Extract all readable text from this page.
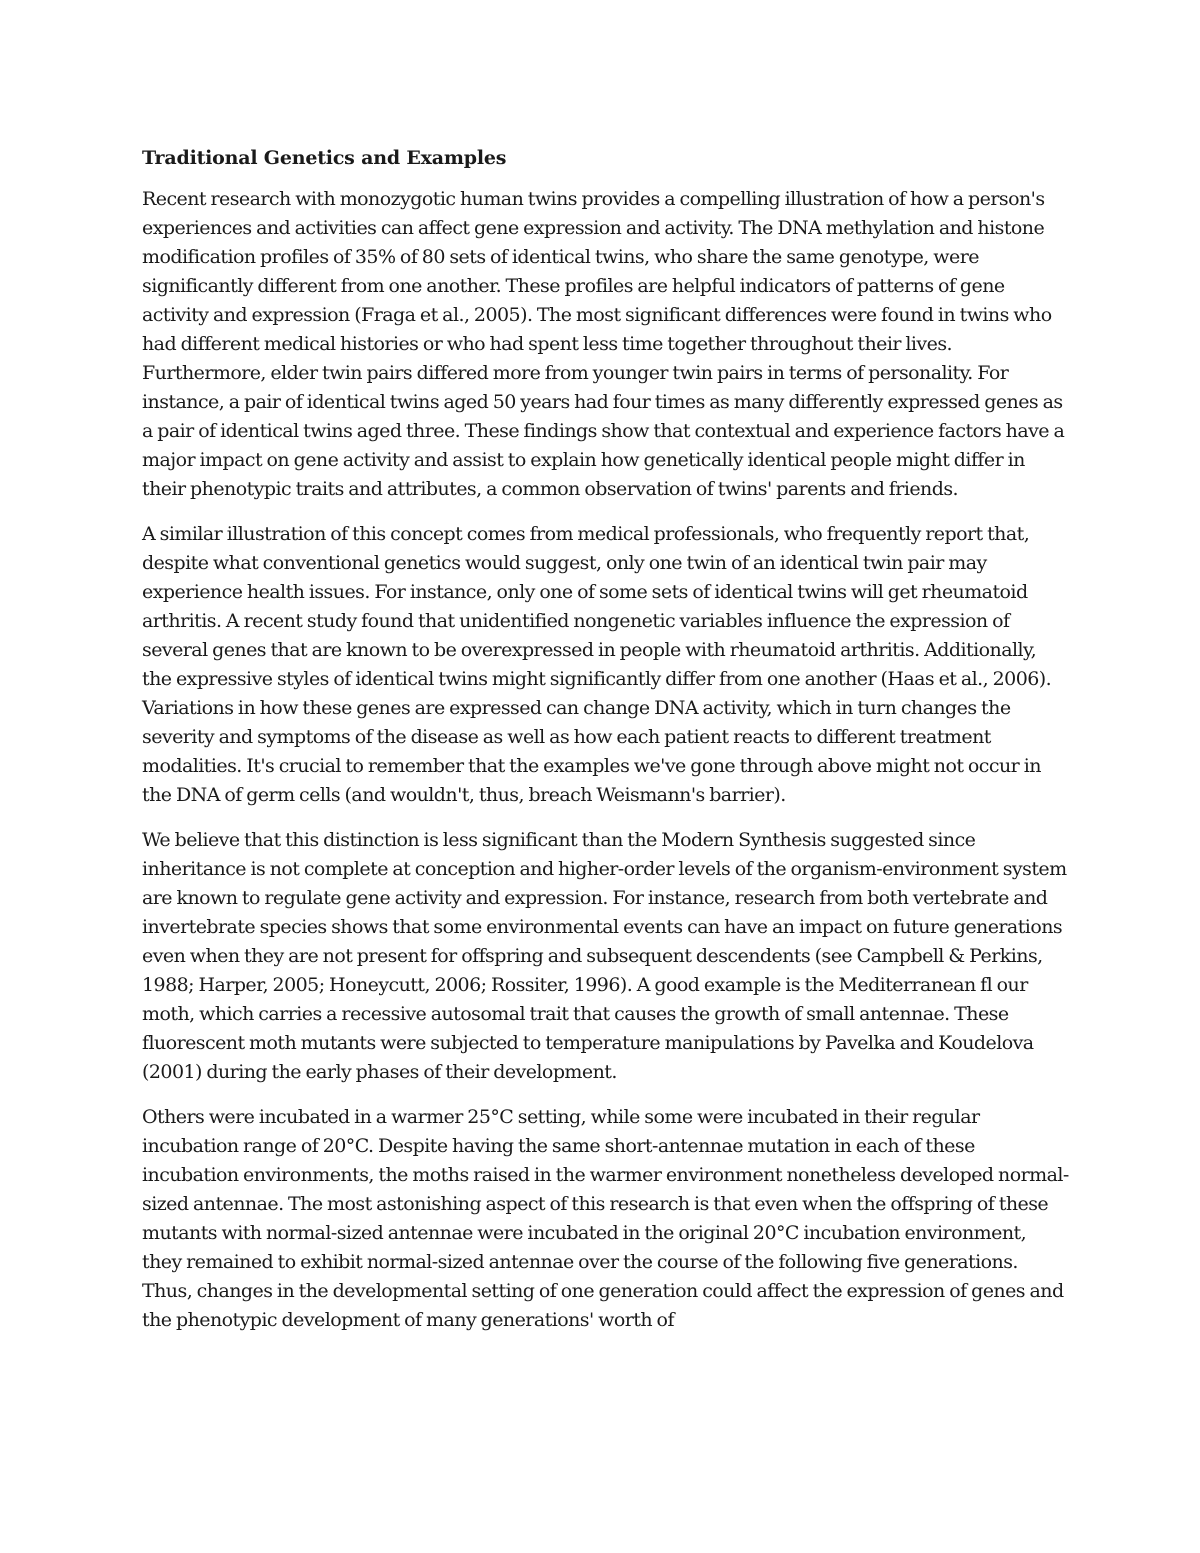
Traditional Genetics and Examples

Recent research with monozygotic human twins provides a compelling illustration of how a person's experiences and activities can affect gene expression and activity. The DNA methylation and histone modification profiles of 35% of 80 sets of identical twins, who share the same genotype, were significantly different from one another. These profiles are helpful indicators of patterns of gene activity and expression (Fraga et al., 2005). The most significant differences were found in twins who had different medical histories or who had spent less time together throughout their lives. Furthermore, elder twin pairs differed more from younger twin pairs in terms of personality. For instance, a pair of identical twins aged 50 years had four times as many differently expressed genes as a pair of identical twins aged three. These findings show that contextual and experience factors have a major impact on gene activity and assist to explain how genetically identical people might differ in their phenotypic traits and attributes, a common observation of twins' parents and friends.

A similar illustration of this concept comes from medical professionals, who frequently report that, despite what conventional genetics would suggest, only one twin of an identical twin pair may experience health issues. For instance, only one of some sets of identical twins will get rheumatoid arthritis. A recent study found that unidentified nongenetic variables influence the expression of several genes that are known to be overexpressed in people with rheumatoid arthritis. Additionally, the expressive styles of identical twins might significantly differ from one another (Haas et al., 2006). Variations in how these genes are expressed can change DNA activity, which in turn changes the severity and symptoms of the disease as well as how each patient reacts to different treatment modalities. It's crucial to remember that the examples we've gone through above might not occur in the DNA of germ cells (and wouldn't, thus, breach Weismann's barrier).

We believe that this distinction is less significant than the Modern Synthesis suggested since inheritance is not complete at conception and higher-order levels of the organism-environment system are known to regulate gene activity and expression. For instance, research from both vertebrate and invertebrate species shows that some environmental events can have an impact on future generations even when they are not present for offspring and subsequent descendents (see Campbell & Perkins, 1988; Harper, 2005; Honeycutt, 2006; Rossiter, 1996). A good example is the Mediterranean fl our moth, which carries a recessive autosomal trait that causes the growth of small antennae. These fluorescent moth mutants were subjected to temperature manipulations by Pavelka and Koudelova (2001) during the early phases of their development.

Others were incubated in a warmer 25°C setting, while some were incubated in their regular incubation range of 20°C. Despite having the same short-antennae mutation in each of these incubation environments, the moths raised in the warmer environment nonetheless developed normal-sized antennae. The most astonishing aspect of this research is that even when the offspring of these mutants with normal-sized antennae were incubated in the original 20°C incubation environment, they remained to exhibit normal-sized antennae over the course of the following five generations. Thus, changes in the developmental setting of one generation could affect the expression of genes and the phenotypic development of many generations' worth of
